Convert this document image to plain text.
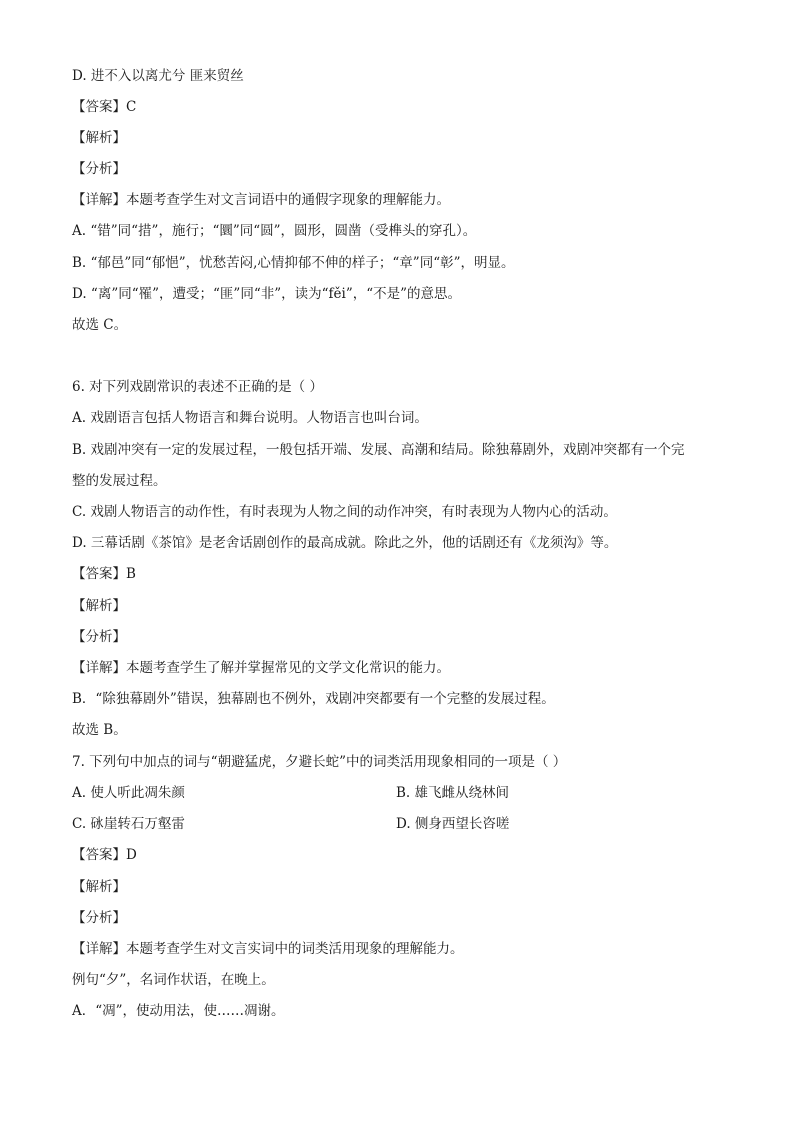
D. 进不入以离尤兮 匪来贸丝
【答案】C
【解析】
【分析】
【详解】本题考查学生对文言词语中的通假字现象的理解能力。
A. “错”同“措”，施行；“圜”同“圆”，圆形，圆凿（受榫头的穿孔）。
B. “郁邑”同“郁悒”，忧愁苦闷,心情抑郁不伸的样子；“章”同“彰”，明显。
D. “离”同“罹”，遭受；“匪”同“非”，读为“fěi”，“不是”的意思。
故选 C。
6. 对下列戏剧常识的表述不正确的是（ ）
A. 戏剧语言包括人物语言和舞台说明。人物语言也叫台词。
B. 戏剧冲突有一定的发展过程，一般包括开端、发展、高潮和结局。除独幕剧外，戏剧冲突都有一个完
整的发展过程。
C. 戏剧人物语言的动作性，有时表现为人物之间的动作冲突，有时表现为人物内心的活动。
D. 三幕话剧《茶馆》是老舍话剧创作的最高成就。除此之外，他的话剧还有《龙须沟》等。
【答案】B
【解析】
【分析】
【详解】本题考查学生了解并掌握常见的文学文化常识的能力。
B．“除独幕剧外”错误，独幕剧也不例外，戏剧冲突都要有一个完整的发展过程。
故选 B。
7. 下列句中加点的词与“朝避猛虎，夕避长蛇”中的词类活用现象相同的一项是（ ）
A. 使人听此凋朱颜	B. 雄飞雌从绕林间
C. 砯崖转石万壑雷	D. 侧身西望长咨嗟
【答案】D
【解析】
【分析】
【详解】本题考查学生对文言实词中的词类活用现象的理解能力。
例句“夕”，名词作状语，在晚上。
A．“凋”，使动用法，使……凋谢。
